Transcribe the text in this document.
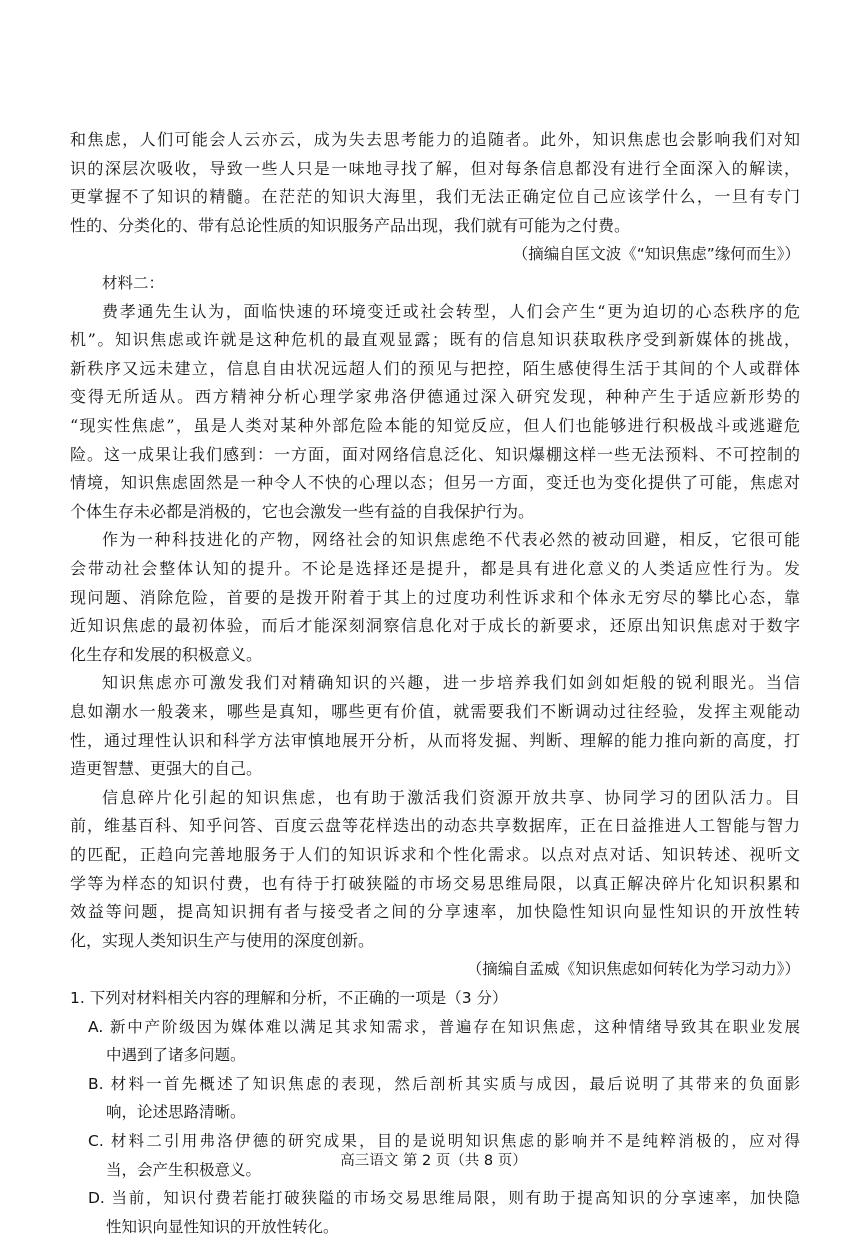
和焦虑，人们可能会人云亦云，成为失去思考能力的追随者。此外，知识焦虑也会影响我们对知
识的深层次吸收，导致一些人只是一味地寻找了解，但对每条信息都没有进行全面深入的解读，
更掌握不了知识的精髓。在茫茫的知识大海里，我们无法正确定位自己应该学什么，一旦有专门
性的、分类化的、带有总论性质的知识服务产品出现，我们就有可能为之付费。
（摘编自匡文波《“知识焦虑”缘何而生》）
材料二：
费孝通先生认为，面临快速的环境变迁或社会转型，人们会产生“更为迫切的心态秩序的危
机”。知识焦虑或许就是这种危机的最直观显露；既有的信息知识获取秩序受到新媒体的挑战，
新秩序又远未建立，信息自由状况远超人们的预见与把控，陌生感使得生活于其间的个人或群体
变得无所适从。西方精神分析心理学家弗洛伊德通过深入研究发现，种种产生于适应新形势的
“现实性焦虑”，虽是人类对某种外部危险本能的知觉反应，但人们也能够进行积极战斗或逃避危
险。这一成果让我们感到：一方面，面对网络信息泛化、知识爆棚这样一些无法预料、不可控制的
情境，知识焦虑固然是一种令人不快的心理以态；但另一方面，变迁也为变化提供了可能，焦虑对
个体生存未必都是消极的，它也会激发一些有益的自我保护行为。
作为一种科技进化的产物，网络社会的知识焦虑绝不代表必然的被动回避，相反，它很可能
会带动社会整体认知的提升。不论是选择还是提升，都是具有进化意义的人类适应性行为。发
现问题、消除危险，首要的是拨开附着于其上的过度功利性诉求和个体永无穷尽的攀比心态，靠
近知识焦虑的最初体验，而后才能深刻洞察信息化对于成长的新要求，还原出知识焦虑对于数字
化生存和发展的积极意义。
知识焦虑亦可激发我们对精确知识的兴趣，进一步培养我们如剑如炬般的锐利眼光。当信
息如潮水一般袭来，哪些是真知，哪些更有价值，就需要我们不断调动过往经验，发挥主观能动
性，通过理性认识和科学方法审慎地展开分析，从而将发掘、判断、理解的能力推向新的高度，打
造更智慧、更强大的自己。
信息碎片化引起的知识焦虑，也有助于激活我们资源开放共享、协同学习的团队活力。目
前，维基百科、知乎问答、百度云盘等花样迭出的动态共享数据库，正在日益推进人工智能与智力
的匹配，正趋向完善地服务于人们的知识诉求和个性化需求。以点对点对话、知识转述、视听文
学等为样态的知识付费，也有待于打破狭隘的市场交易思维局限，以真正解决碎片化知识积累和
效益等问题，提高知识拥有者与接受者之间的分享速率，加快隐性知识向显性知识的开放性转
化，实现人类知识生产与使用的深度创新。
（摘编自孟威《知识焦虑如何转化为学习动力》）
1. 下列对材料相关内容的理解和分析，不正确的一项是（3 分）
A. 新中产阶级因为媒体难以满足其求知需求，普遍存在知识焦虑，这种情绪导致其在职业发展
中遇到了诸多问题。
B. 材料一首先概述了知识焦虑的表现，然后剖析其实质与成因，最后说明了其带来的负面影
响，论述思路清晰。
C. 材料二引用弗洛伊德的研究成果，目的是说明知识焦虑的影响并不是纯粹消极的，应对得
当，会产生积极意义。
D. 当前，知识付费若能打破狭隘的市场交易思维局限，则有助于提高知识的分享速率，加快隐
性知识向显性知识的开放性转化。
高三语文 第 2 页（共 8 页）
